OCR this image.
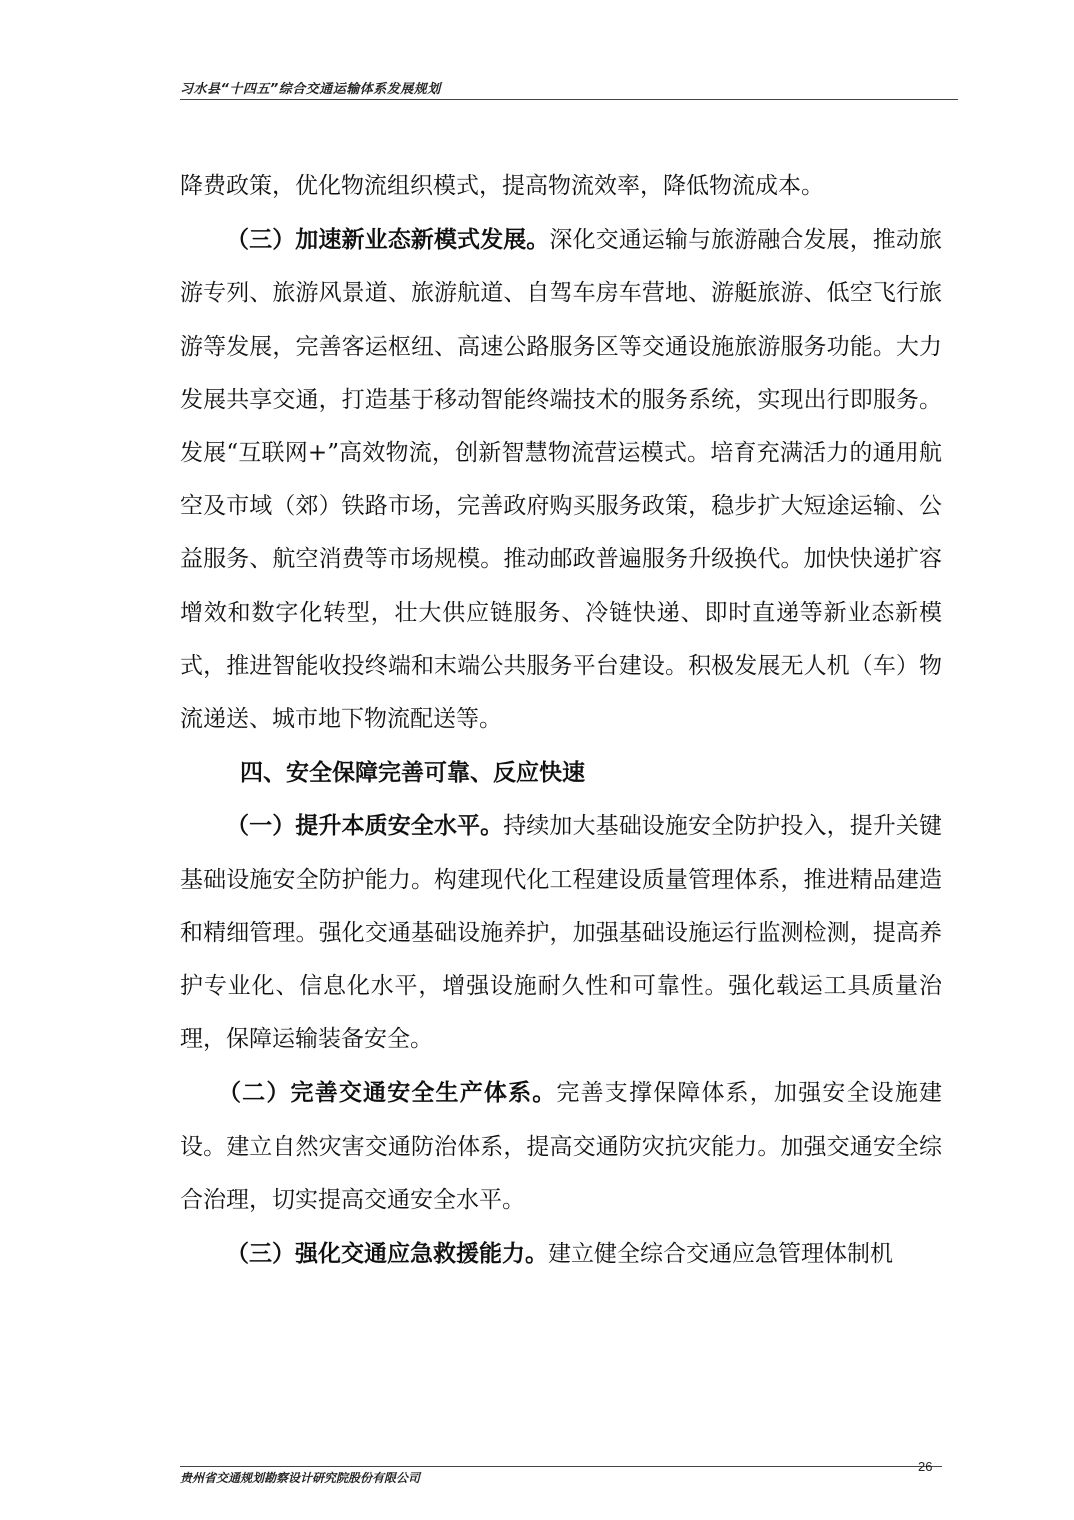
习水县“十四五”综合交通运输体系发展规划

降费政策，优化物流组织模式，提高物流效率，降低物流成本。

（三）加速新业态新模式发展。深化交通运输与旅游融合发展，推动旅游专列、旅游风景道、旅游航道、自驾车房车营地、游艇旅游、低空飞行旅游等发展，完善客运枢纽、高速公路服务区等交通设施旅游服务功能。大力发展共享交通，打造基于移动智能终端技术的服务系统，实现出行即服务。发展“互联网+”高效物流，创新智慧物流营运模式。培育充满活力的通用航空及市域（郊）铁路市场，完善政府购买服务政策，稳步扩大短途运输、公益服务、航空消费等市场规模。推动邮政普遍服务升级换代。加快快递扩容增效和数字化转型，壮大供应链服务、冷链快递、即时直递等新业态新模式，推进智能收投终端和末端公共服务平台建设。积极发展无人机（车）物流递送、城市地下物流配送等。

四、安全保障完善可靠、反应快速

（一）提升本质安全水平。持续加大基础设施安全防护投入，提升关键基础设施安全防护能力。构建现代化工程建设质量管理体系，推进精品建造和精细管理。强化交通基础设施养护，加强基础设施运行监测检测，提高养护专业化、信息化水平，增强设施耐久性和可靠性。强化载运工具质量治理，保障运输装备安全。

（二）完善交通安全生产体系。完善支撑保障体系，加强安全设施建设。建立自然灾害交通防治体系，提高交通防灾抗灾能力。加强交通安全综合治理，切实提高交通安全水平。

（三）强化交通应急救援能力。建立健全综合交通应急管理体制机

贵州省交通规划勘察设计研究院股份有限公司
26
